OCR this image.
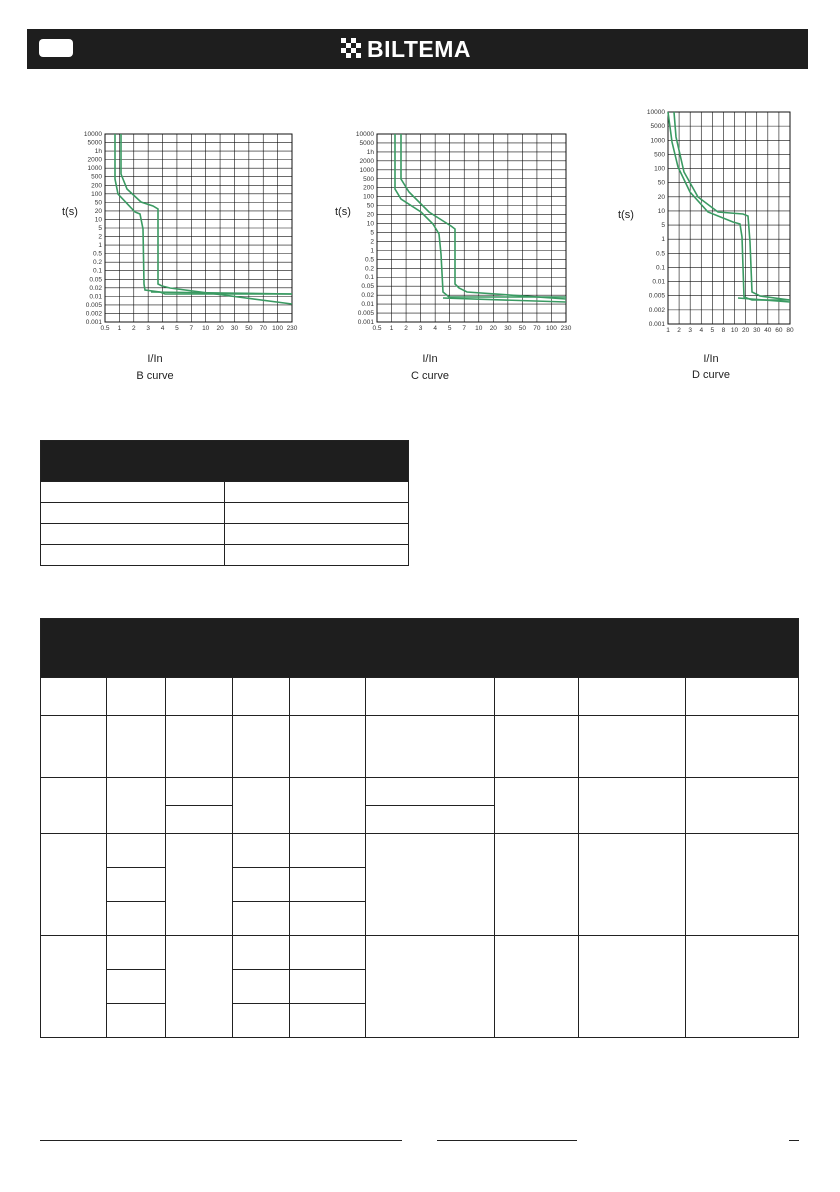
BILTEMA
10000
5000
1h
2000
1000
500
200
100
50
20
10
5
2
1
0.5
0.2
0.1
0.05
0.02
0.01
0.005
0.002
0.001
0.5 1 2 3 4 5 7 10 20 30 50 70 100 230
t(s)
I/In
B curve
10000
5000
1h
2000
1000
500
200
100
50
20
10
5
2
1
0.5
0.2
0.1
0.05
0.02
0.01
0.005
0.001
0.5 1 2 3 4 5 7 10 20 30 50 70 100 230
t(s)
I/In
C curve
10000
5000
1000
500
100
50
20
10
5
1
0.5
0.1
0.01
0.005
0.002
0.001
1 2 3 4 5 8 10 20 30 40 60 80
t(s)
I/In
D curve
